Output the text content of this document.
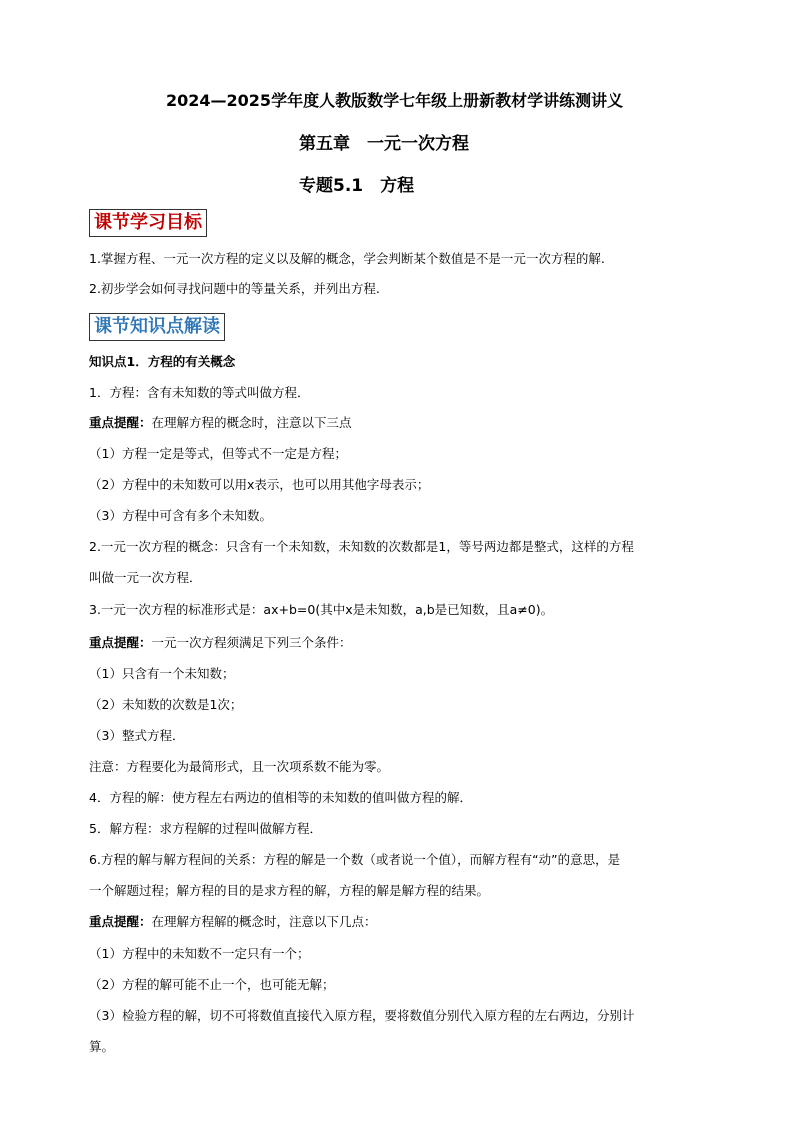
2024—2025学年度人教版数学七年级上册新教材学讲练测讲义
第五章　一元一次方程
专题5.1　方程
课节学习目标
1.掌握方程、一元一次方程的定义以及解的概念，学会判断某个数值是不是一元一次方程的解.
2.初步学会如何寻找问题中的等量关系，并列出方程.
课节知识点解读
知识点1．方程的有关概念
1．方程：含有未知数的等式叫做方程．
重点提醒：在理解方程的概念时，注意以下三点
（1）方程一定是等式，但等式不一定是方程；
（2）方程中的未知数可以用x表示，也可以用其他字母表示；
（3）方程中可含有多个未知数。
2.一元一次方程的概念：只含有一个未知数，未知数的次数都是1，等号两边都是整式，这样的方程
叫做一元一次方程．
3.一元一次方程的标准形式是：ax+b=0(其中x是未知数，a,b是已知数，且a≠0)。
重点提醒：一元一次方程须满足下列三个条件：
（1）只含有一个未知数；
（2）未知数的次数是1次；
（3）整式方程．
注意：方程要化为最简形式，且一次项系数不能为零。
4．方程的解：使方程左右两边的值相等的未知数的值叫做方程的解．
5．解方程：求方程解的过程叫做解方程．
6.方程的解与解方程间的关系：方程的解是一个数（或者说一个值），而解方程有“动”的意思，是
一个解题过程；解方程的目的是求方程的解，方程的解是解方程的结果。
重点提醒：在理解方程解的概念时，注意以下几点：
（1）方程中的未知数不一定只有一个；
（2）方程的解可能不止一个，也可能无解；
（3）检验方程的解，切不可将数值直接代入原方程，要将数值分别代入原方程的左右两边，分别计
算。
